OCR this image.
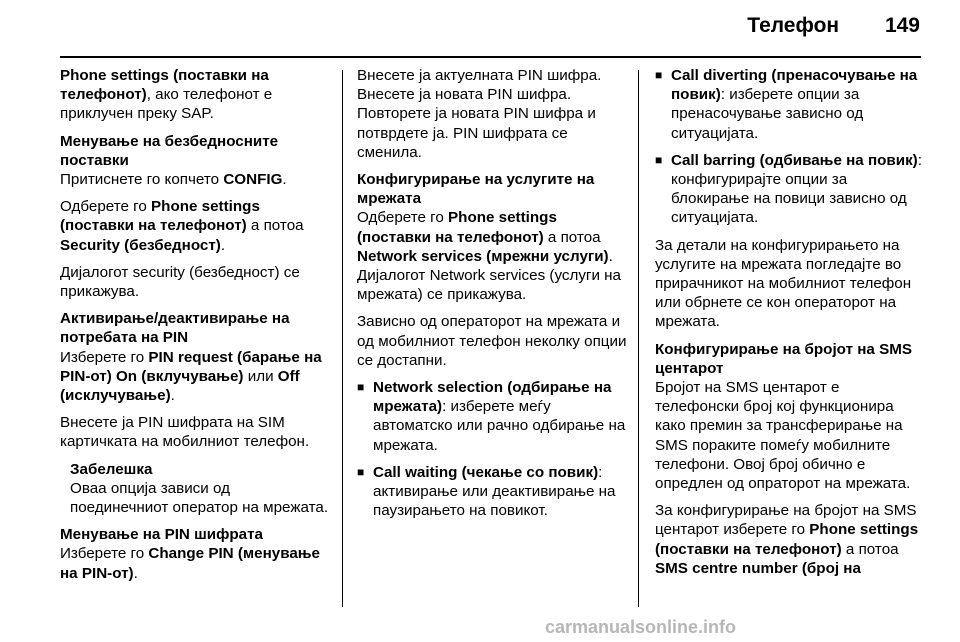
Телефон 149

Phone settings (поставки на телефонот), ако телефонот е приклучен преку SAP.

Менување на безбедносните поставки
Притиснете го копчето CONFIG.

Одберете го Phone settings (поставки на телефонот) а потоа Security (безбедност).

Дијалогот security (безбедност) се прикажува.

Активирање/деактивирање на потребата на PIN
Изберете го PIN request (барање на PIN-от) On (вклучување) или Off (исклучување).

Внесете ја PIN шифрата на SIM картичката на мобилниот телефон.

Забелешка
Оваа опција зависи од поединечниот оператор на мрежата.

Менување на PIN шифрата
Изберете го Change PIN (менување на PIN-от).

Внесете ја актуелната PIN шифра. Внесете ја новата PIN шифра. Повторете ја новата PIN шифра и потврдете ја. PIN шифрата се сменила.

Конфигурирање на услугите на мрежата
Одберете го Phone settings (поставки на телефонот) а потоа Network services (мрежни услуги). Дијалогот Network services (услуги на мрежата) се прикажува.

Зависно од операторот на мрежата и од мобилниот телефон неколку опции се достапни.

■ Network selection (одбирање на мрежата): изберете меѓу автоматско или рачно одбирање на мрежата.
■ Call waiting (чекање со повик): активирање или деактивирање на паузирањето на повикот.
■ Call diverting (пренасочување на повик): изберете опции за пренасочување зависно од ситуацијата.
■ Call barring (одбивање на повик): конфигурирајте опции за блокирање на повици зависно од ситуацијата.

За детали на конфигурирањето на услугите на мрежата погледајте во прирачникот на мобилниот телефон или обрнете се кон операторот на мрежата.

Конфигурирање на бројот на SMS центарот
Бројот на SMS центарот е телефонски број кој функционира како премин за трансферирање на SMS пораките помеѓу мобилните телефони. Овој број обично е опредлен од опраторот на мрежата.

За конфигурирање на бројот на SMS центарот изберете го Phone settings (поставки на телефонот) а потоа SMS centre number (број на

carmanualsonline.info
